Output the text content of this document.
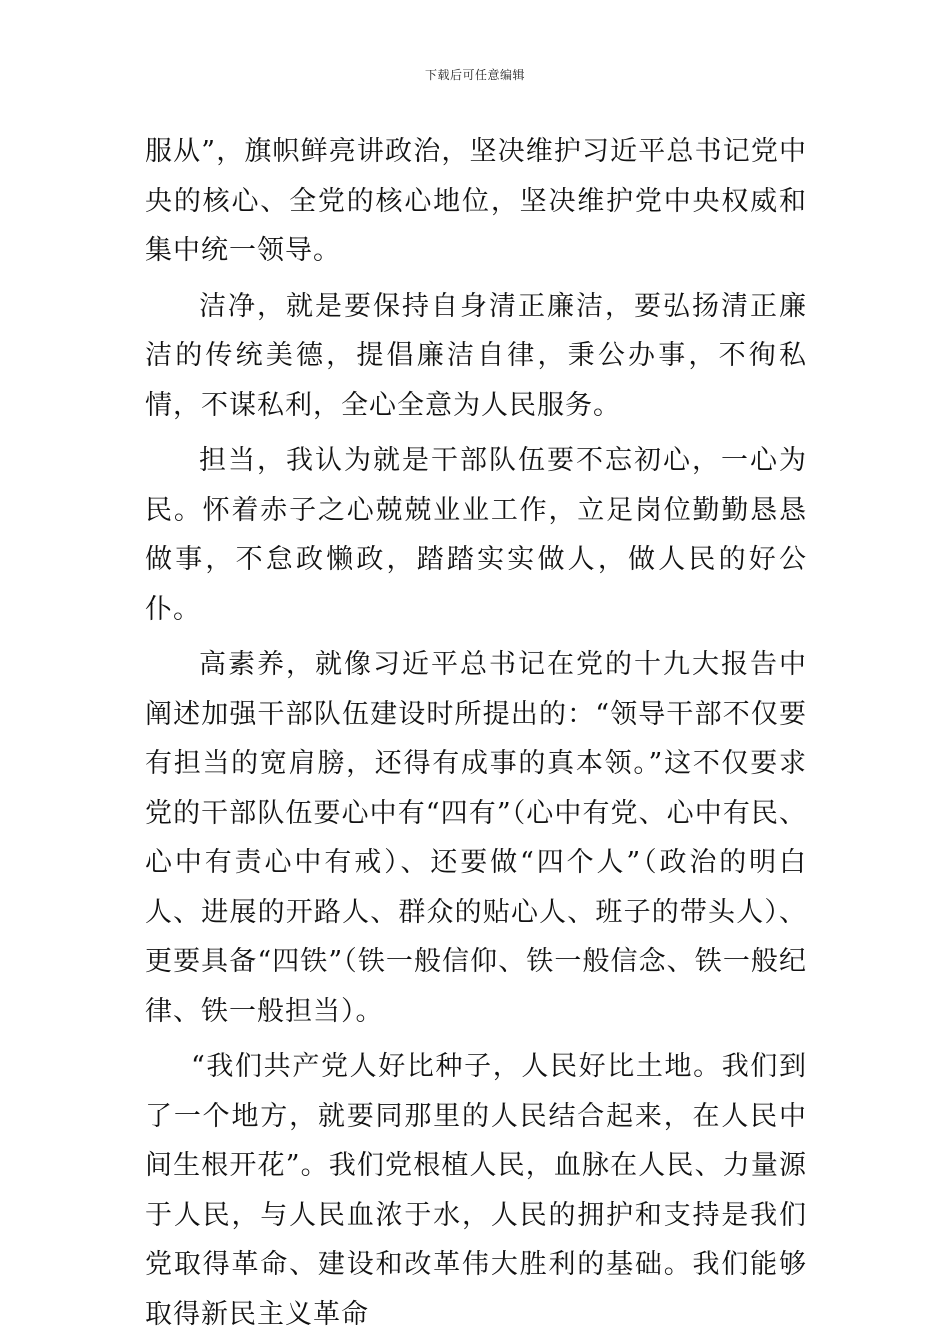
下载后可任意编辑

服从”，旗帜鲜亮讲政治，坚决维护习近平总书记党中央的核心、全党的核心地位，坚决维护党中央权威和集中统一领导。

洁净，就是要保持自身清正廉洁，要弘扬清正廉洁的传统美德，提倡廉洁自律，秉公办事，不徇私情，不谋私利，全心全意为人民服务。

担当，我认为就是干部队伍要不忘初心，一心为民。怀着赤子之心兢兢业业工作，立足岗位勤勤恳恳做事，不怠政懒政，踏踏实实做人，做人民的好公仆。

高素养，就像习近平总书记在党的十九大报告中阐述加强干部队伍建设时所提出的：“领导干部不仅要有担当的宽肩膀，还得有成事的真本领。”这不仅要求党的干部队伍要心中有“四有”（心中有党、心中有民、心中有责心中有戒）、还要做“四个人”（政治的明白人、进展的开路人、群众的贴心人、班子的带头人）、更要具备“四铁”（铁一般信仰、铁一般信念、铁一般纪律、铁一般担当）。

“我们共产党人好比种子，人民好比土地。我们到了一个地方，就要同那里的人民结合起来，在人民中间生根开花”。我们党根植人民，血脉在人民、力量源于人民，与人民血浓于水，人民的拥护和支持是我们党取得革命、建设和改革伟大胜利的基础。我们能够取得新民主义革命
